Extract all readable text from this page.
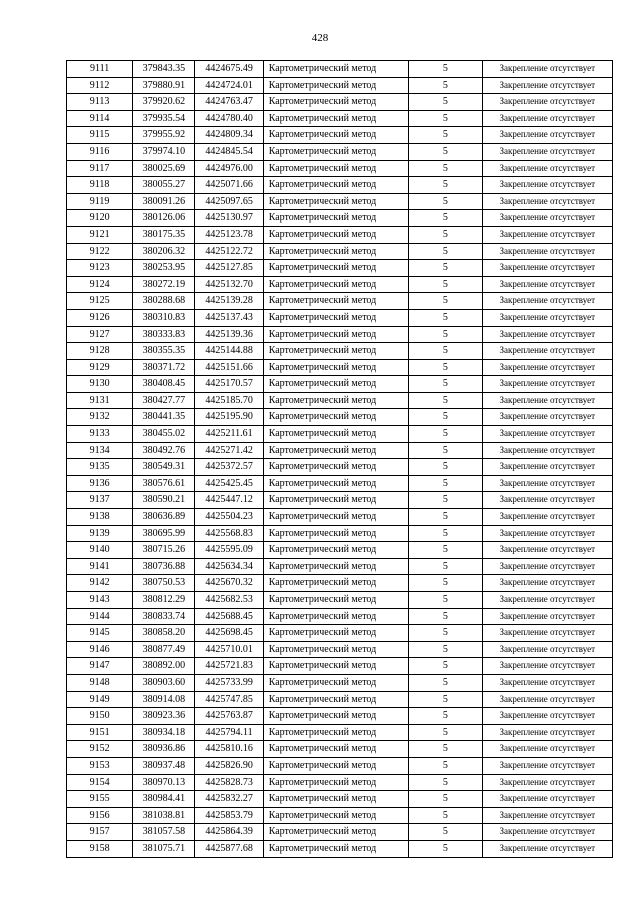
428
9111	379843.35	4424675.49	Картометрический метод	5	Закрепление отсутствует
9112	379880.91	4424724.01	Картометрический метод	5	Закрепление отсутствует
9113	379920.62	4424763.47	Картометрический метод	5	Закрепление отсутствует
9114	379935.54	4424780.40	Картометрический метод	5	Закрепление отсутствует
9115	379955.92	4424809.34	Картометрический метод	5	Закрепление отсутствует
9116	379974.10	4424845.54	Картометрический метод	5	Закрепление отсутствует
9117	380025.69	4424976.00	Картометрический метод	5	Закрепление отсутствует
9118	380055.27	4425071.66	Картометрический метод	5	Закрепление отсутствует
9119	380091.26	4425097.65	Картометрический метод	5	Закрепление отсутствует
9120	380126.06	4425130.97	Картометрический метод	5	Закрепление отсутствует
9121	380175.35	4425123.78	Картометрический метод	5	Закрепление отсутствует
9122	380206.32	4425122.72	Картометрический метод	5	Закрепление отсутствует
9123	380253.95	4425127.85	Картометрический метод	5	Закрепление отсутствует
9124	380272.19	4425132.70	Картометрический метод	5	Закрепление отсутствует
9125	380288.68	4425139.28	Картометрический метод	5	Закрепление отсутствует
9126	380310.83	4425137.43	Картометрический метод	5	Закрепление отсутствует
9127	380333.83	4425139.36	Картометрический метод	5	Закрепление отсутствует
9128	380355.35	4425144.88	Картометрический метод	5	Закрепление отсутствует
9129	380371.72	4425151.66	Картометрический метод	5	Закрепление отсутствует
9130	380408.45	4425170.57	Картометрический метод	5	Закрепление отсутствует
9131	380427.77	4425185.70	Картометрический метод	5	Закрепление отсутствует
9132	380441.35	4425195.90	Картометрический метод	5	Закрепление отсутствует
9133	380455.02	4425211.61	Картометрический метод	5	Закрепление отсутствует
9134	380492.76	4425271.42	Картометрический метод	5	Закрепление отсутствует
9135	380549.31	4425372.57	Картометрический метод	5	Закрепление отсутствует
9136	380576.61	4425425.45	Картометрический метод	5	Закрепление отсутствует
9137	380590.21	4425447.12	Картометрический метод	5	Закрепление отсутствует
9138	380636.89	4425504.23	Картометрический метод	5	Закрепление отсутствует
9139	380695.99	4425568.83	Картометрический метод	5	Закрепление отсутствует
9140	380715.26	4425595.09	Картометрический метод	5	Закрепление отсутствует
9141	380736.88	4425634.34	Картометрический метод	5	Закрепление отсутствует
9142	380750.53	4425670.32	Картометрический метод	5	Закрепление отсутствует
9143	380812.29	4425682.53	Картометрический метод	5	Закрепление отсутствует
9144	380833.74	4425688.45	Картометрический метод	5	Закрепление отсутствует
9145	380858.20	4425698.45	Картометрический метод	5	Закрепление отсутствует
9146	380877.49	4425710.01	Картометрический метод	5	Закрепление отсутствует
9147	380892.00	4425721.83	Картометрический метод	5	Закрепление отсутствует
9148	380903.60	4425733.99	Картометрический метод	5	Закрепление отсутствует
9149	380914.08	4425747.85	Картометрический метод	5	Закрепление отсутствует
9150	380923.36	4425763.87	Картометрический метод	5	Закрепление отсутствует
9151	380934.18	4425794.11	Картометрический метод	5	Закрепление отсутствует
9152	380936.86	4425810.16	Картометрический метод	5	Закрепление отсутствует
9153	380937.48	4425826.90	Картометрический метод	5	Закрепление отсутствует
9154	380970.13	4425828.73	Картометрический метод	5	Закрепление отсутствует
9155	380984.41	4425832.27	Картометрический метод	5	Закрепление отсутствует
9156	381038.81	4425853.79	Картометрический метод	5	Закрепление отсутствует
9157	381057.58	4425864.39	Картометрический метод	5	Закрепление отсутствует
9158	381075.71	4425877.68	Картометрический метод	5	Закрепление отсутствует
